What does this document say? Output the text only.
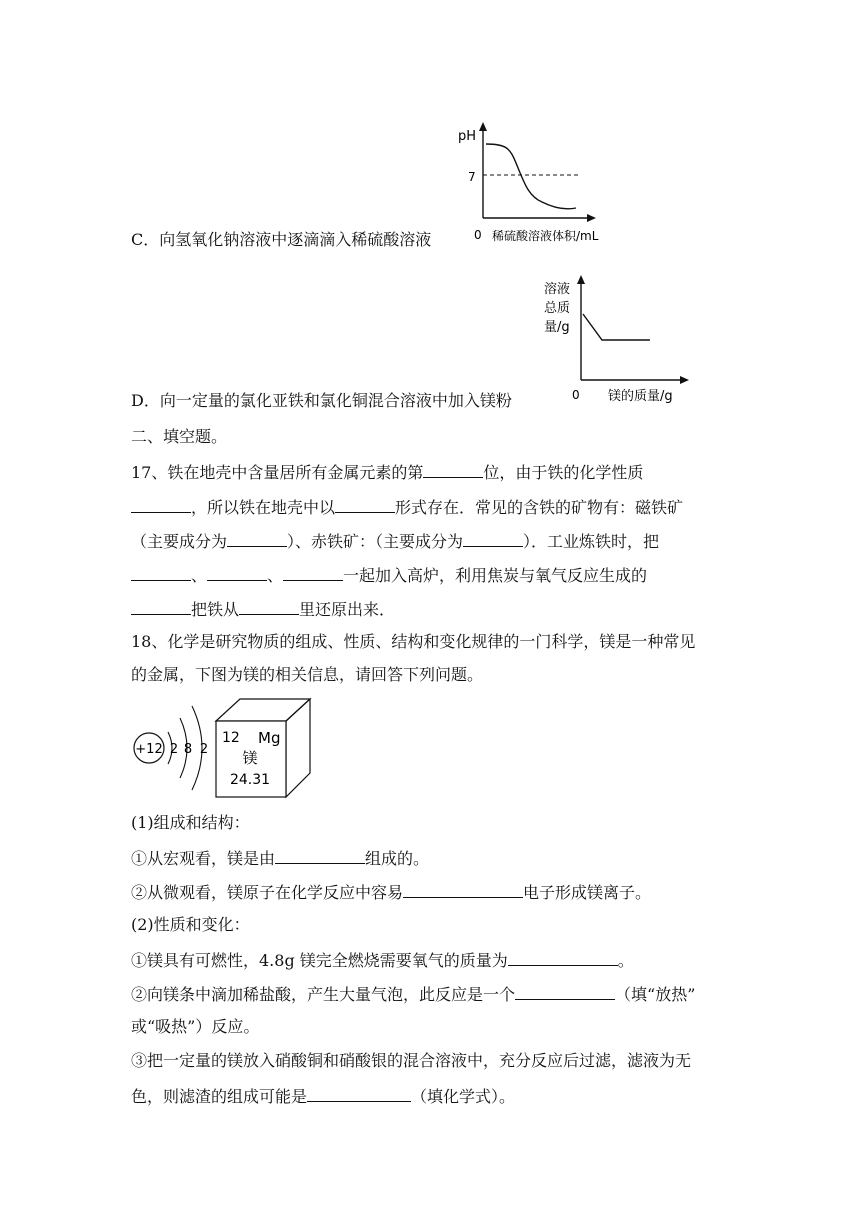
pH
7
0 稀硫酸溶液体积/mL
C．向氢氧化钠溶液中逐滴滴入稀硫酸溶液
溶液
总质
量/g
0 镁的质量/g
D．向一定量的氯化亚铁和氯化铜混合溶液中加入镁粉
二、填空题。
17、铁在地壳中含量居所有金属元素的第	位，由于铁的化学性质
，所以铁在地壳中以	形式存在．常见的含铁的矿物有：磁铁矿
（主要成分为	）、赤铁矿：（主要成分为	）．工业炼铁时，把
、	、	一起加入高炉，利用焦炭与氧气反应生成的
把铁从	里还原出来．
18、化学是研究物质的组成、性质、结构和变化规律的一门科学，镁是一种常见
的金属，下图为镁的相关信息，请回答下列问题。
+12 2 8 2
12 Mg
镁
24.31
(1)组成和结构：
①从宏观看，镁是由	组成的。
②从微观看，镁原子在化学反应中容易	电子形成镁离子。
(2)性质和变化：
①镁具有可燃性，4.8g 镁完全燃烧需要氧气的质量为	。
②向镁条中滴加稀盐酸，产生大量气泡，此反应是一个	（填“放热”
或“吸热”）反应。
③把一定量的镁放入硝酸铜和硝酸银的混合溶液中，充分反应后过滤，滤液为无
色，则滤渣的组成可能是	（填化学式）。
